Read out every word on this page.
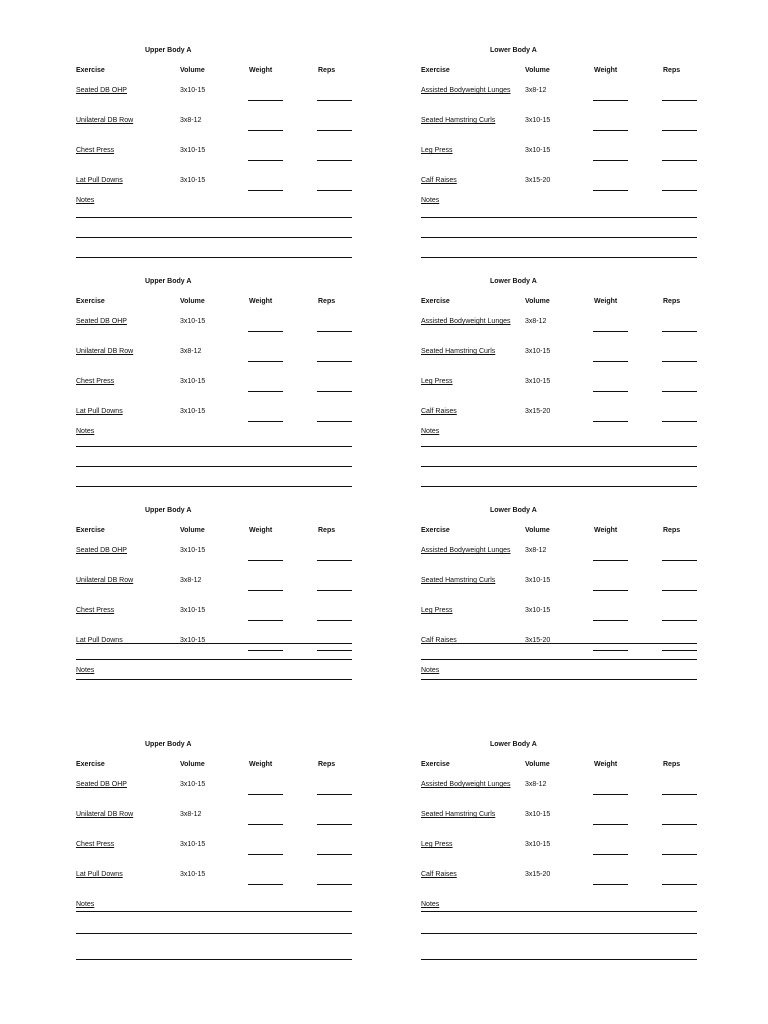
Upper Body A
Exercise	Volume	Weight	Reps
Seated DB OHP	3x10-15
Unilateral DB Row	3x8-12
Chest Press	3x10-15
Lat Pull Downs	3x10-15
Notes
Upper Body A
Exercise	Volume	Weight	Reps
Seated DB OHP	3x10-15
Unilateral DB Row	3x8-12
Chest Press	3x10-15
Lat Pull Downs	3x10-15
Notes
Upper Body A
Exercise	Volume	Weight	Reps
Seated DB OHP	3x10-15
Unilateral DB Row	3x8-12
Chest Press	3x10-15
Lat Pull Downs	3x10-15
Notes
Upper Body A
Exercise	Volume	Weight	Reps
Seated DB OHP	3x10-15
Unilateral DB Row	3x8-12
Chest Press	3x10-15
Lat Pull Downs	3x10-15
Notes
Lower Body A
Exercise	Volume	Weight	Reps
Assisted Bodyweight Lunges 3x8-12
Seated Hamstring Curls	3x10-15
Leg Press	3x10-15
Calf Raises	3x15-20
Notes
Lower Body A
Exercise	Volume	Weight	Reps
Assisted Bodyweight Lunges 3x8-12
Seated Hamstring Curls	3x10-15
Leg Press	3x10-15
Calf Raises	3x15-20
Notes
Lower Body A
Exercise	Volume	Weight	Reps
Assisted Bodyweight Lunges 3x8-12
Seated Hamstring Curls	3x10-15
Leg Press	3x10-15
Calf Raises	3x15-20
Notes
Lower Body A
Exercise	Volume	Weight	Reps
Assisted Bodyweight Lunges 3x8-12
Seated Hamstring Curls	3x10-15
Leg Press	3x10-15
Calf Raises	3x15-20
Notes
